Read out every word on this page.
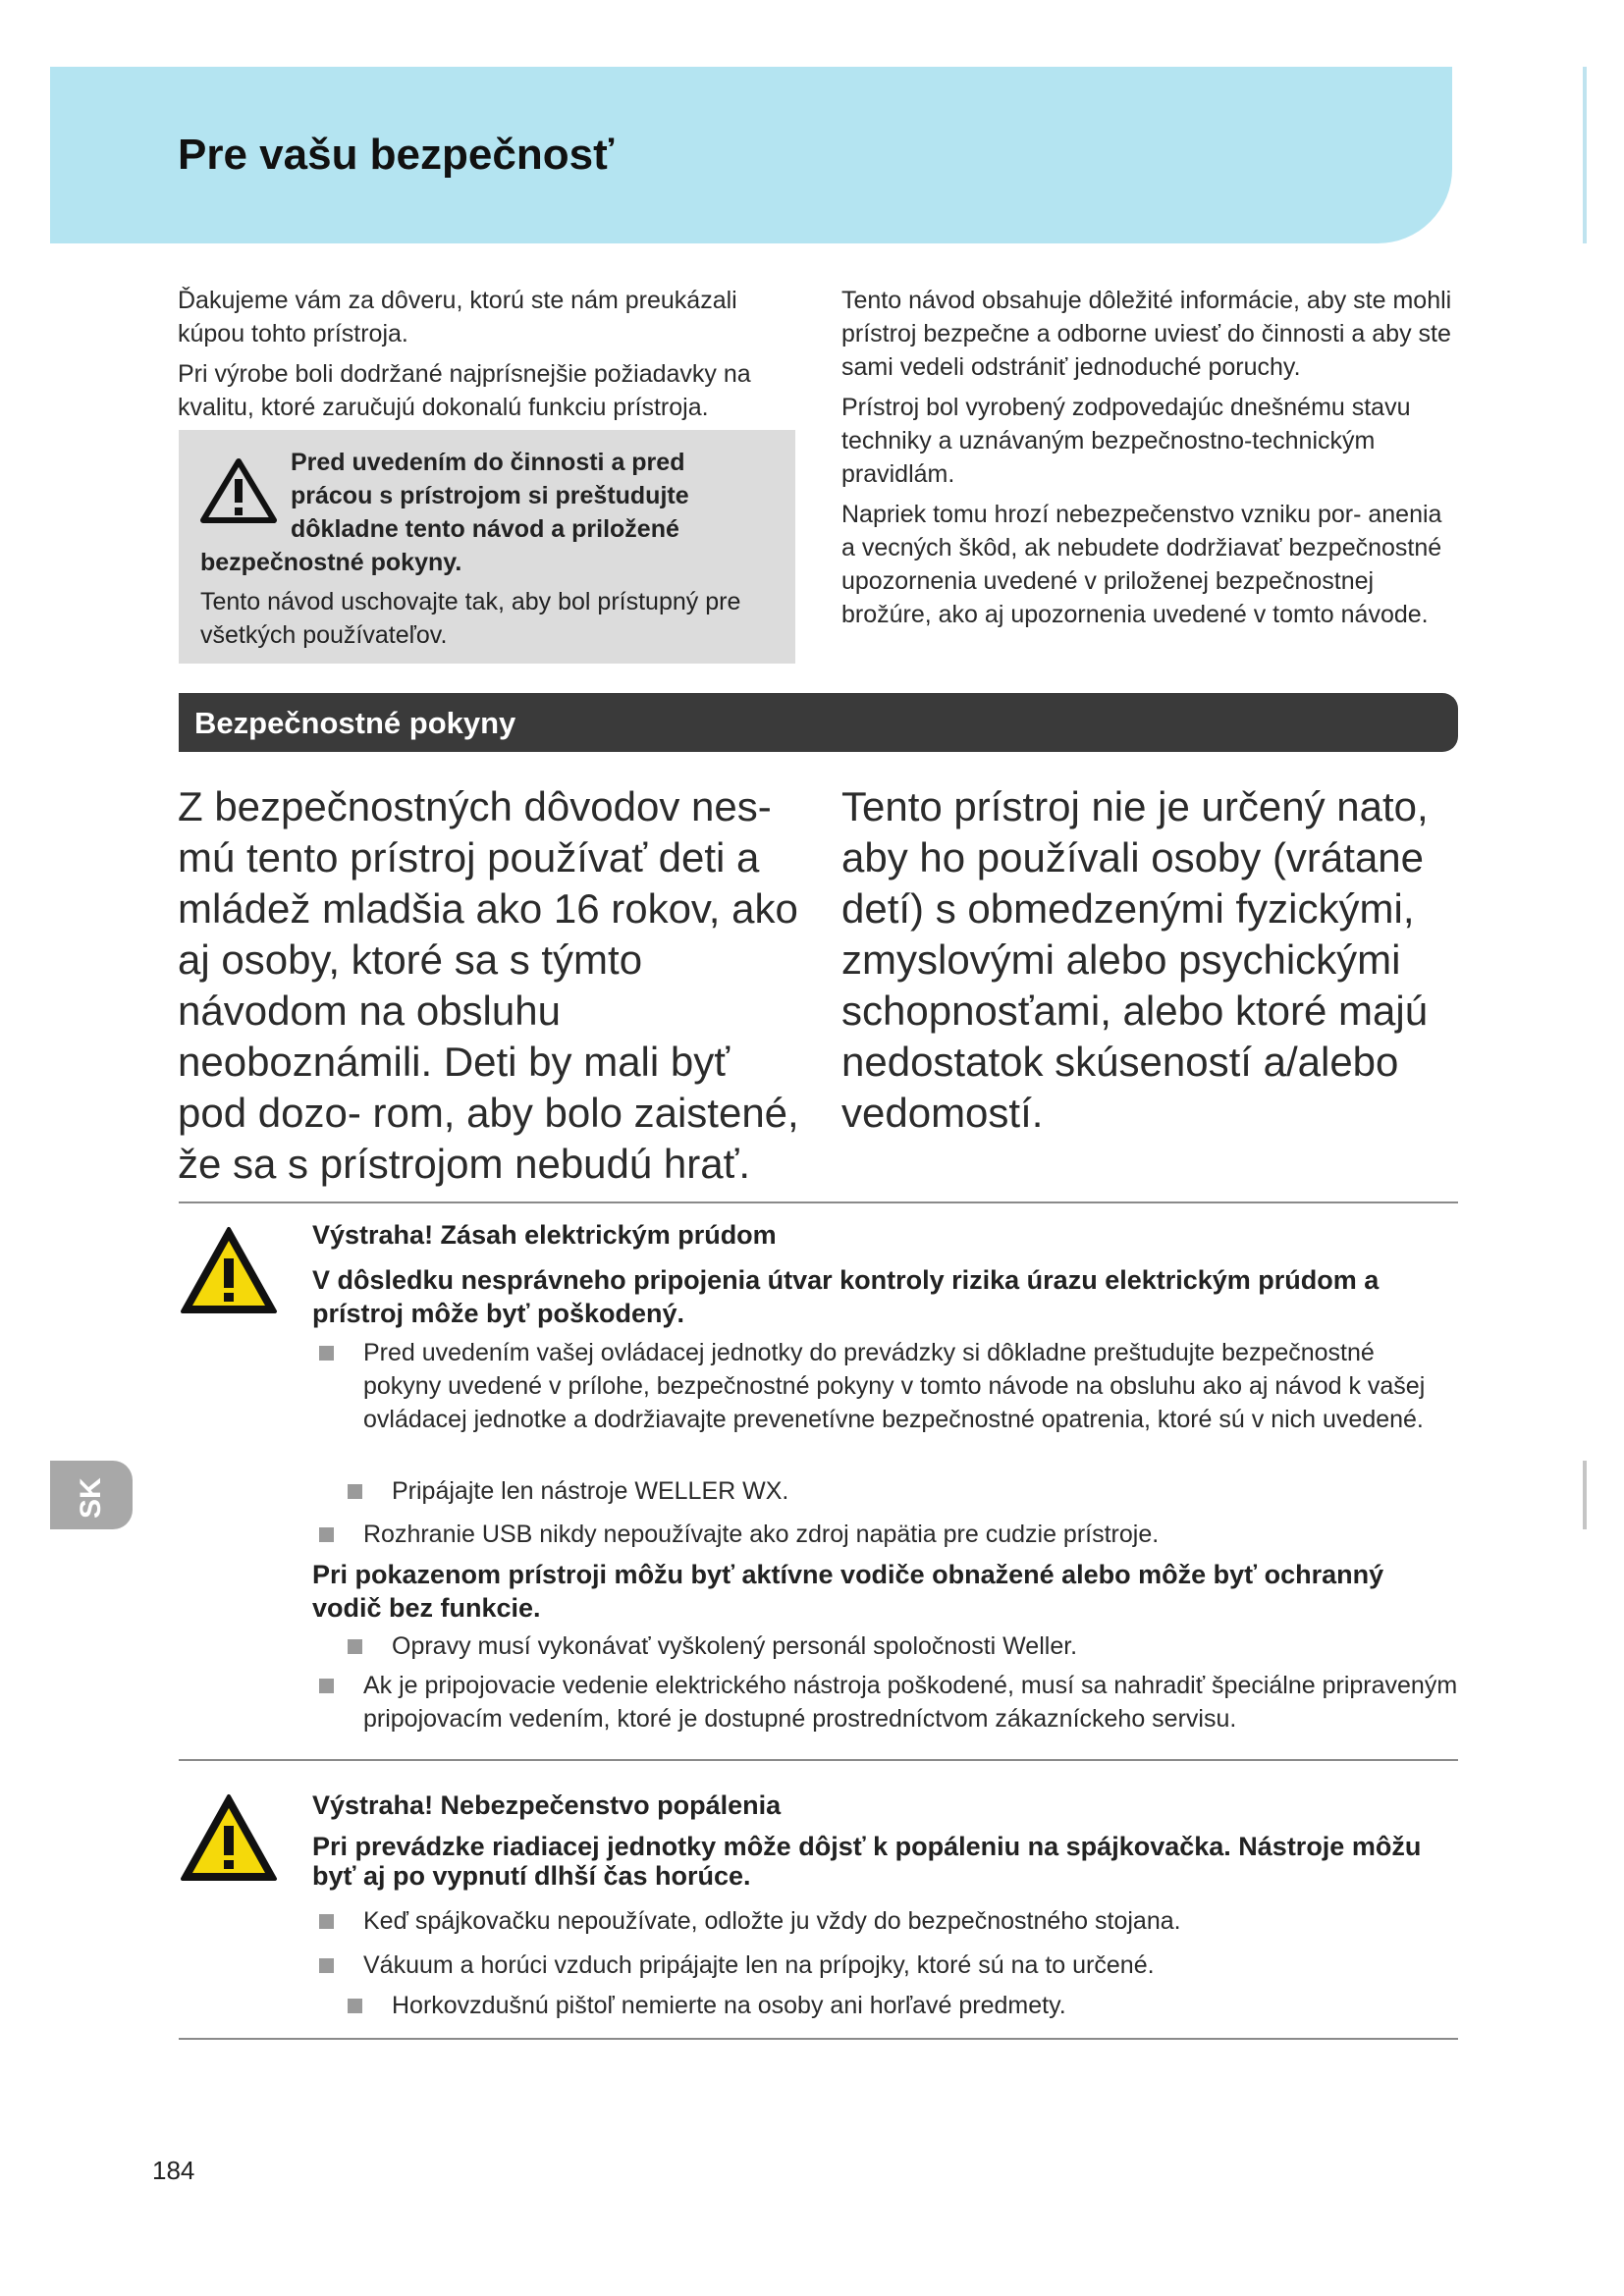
Pre vašu bezpečnosť

Ďakujeme vám za dôveru, ktorú ste nám preukázali kúpou tohto prístroja.

Pri výrobe boli dodržané najprísnejšie požiadavky na kvalitu, ktoré zaručujú dokonalú funkciu prístroja.

Pred uvedením do činnosti a pred
prácou s prístrojom si preštudujte
dôkladne tento návod a priložené
bezpečnostné pokyny.
Tento návod uschovajte tak, aby bol prístupný pre všetkých používateľov.

Tento návod obsahuje dôležité informácie, aby ste mohli prístroj bezpečne a odborne uviesť do činnosti a aby ste sami vedeli odstrániť jednoduché poruchy.

Prístroj bol vyrobený zodpovedajúc dnešnému stavu techniky a uznávaným bezpečnostno-technickým pravidlám.

Napriek tomu hrozí nebezpečenstvo vzniku por- anenia a vecných škôd, ak nebudete dodržiavať bezpečnostné upozornenia uvedené v priloženej bezpečnostnej brožúre, ako aj upozornenia uvedené v tomto návode.

Bezpečnostné pokyny
Z bezpečnostných dôvodov nes- mú tento prístroj používať deti a mládež mladšia ako 16 rokov, ako aj osoby, ktoré sa s týmto návodom na obsluhu neoboznámili. Deti by mali byť pod dozo- rom, aby bolo zaistené, že sa s prístrojom nebudú hrať.
Tento prístroj nie je určený nato, aby ho používali osoby (vrátane detí) s obmedzenými fyzickými, zmyslovými alebo psychickými schopnosťami, alebo ktoré majú nedostatok skúseností a/alebo vedomostí.
Výstraha! Zásah elektrickým prúdom
V dôsledku nesprávneho pripojenia útvar kontroly rizika úrazu elektrickým prúdom a prístroj môže byť poškodený.
Pred uvedením vašej ovládacej jednotky do prevádzky si dôkladne preštudujte bezpečnostné pokyny uvedené v prílohe, bezpečnostné pokyny v tomto návode na obsluhu ako aj návod k vašej ovládacej jednotke a dodržiavajte prevenetívne bezpečnostné opatrenia, ktoré sú v nich uvedené.
Pripájajte len nástroje WELLER WX.
Rozhranie USB nikdy nepoužívajte ako zdroj napätia pre cudzie prístroje.
Pri pokazenom prístroji môžu byť aktívne vodiče obnažené alebo môže byť ochranný vodič bez funkcie.
Opravy musí vykonávať vyškolený personál spoločnosti Weller.
Ak je pripojovacie vedenie elektrického nástroja poškodené, musí sa nahradiť špeciálne pripraveným pripojovacím vedením, ktoré je dostupné prostredníctvom zákazníckeho servisu.
Výstraha! Nebezpečenstvo popálenia
Pri prevádzke riadiacej jednotky môže dôjsť k popáleniu na spájkovačka. Nástroje môžu byť aj po vypnutí dlhší čas horúce.
Keď spájkovačku nepoužívate, odložte ju vždy do bezpečnostného stojana.
Vákuum a horúci vzduch pripájajte len na prípojky, ktoré sú na to určené.
Horkovzdušnú pištoľ nemierte na osoby ani horľavé predmety.
SK
184
